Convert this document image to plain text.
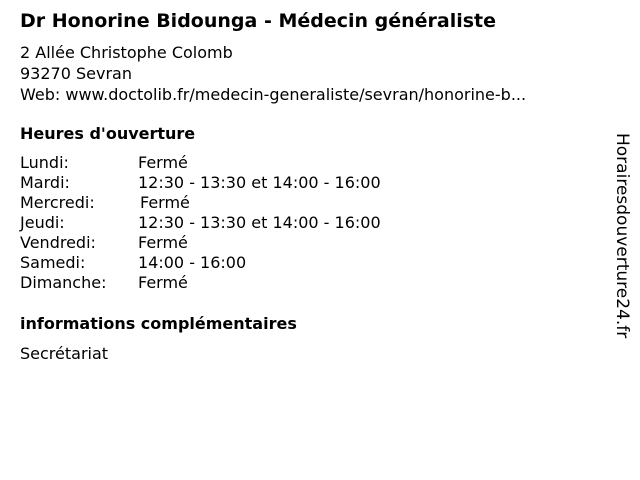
Dr Honorine Bidounga - Médecin généraliste
2 Allée Christophe Colomb
93270 Sevran
Web: www.doctolib.fr/medecin-generaliste/sevran/honorine-b...
Heures d'ouverture
Lundi:	Fermé
Mardi:	12:30 - 13:30 et 14:00 - 16:00
Mercredi:	Fermé
Jeudi:	12:30 - 13:30 et 14:00 - 16:00
Vendredi:	Fermé
Samedi:	14:00 - 16:00
Dimanche: Fermé
informations complémentaires
Secrétariat
Horairesdouverture24.fr
